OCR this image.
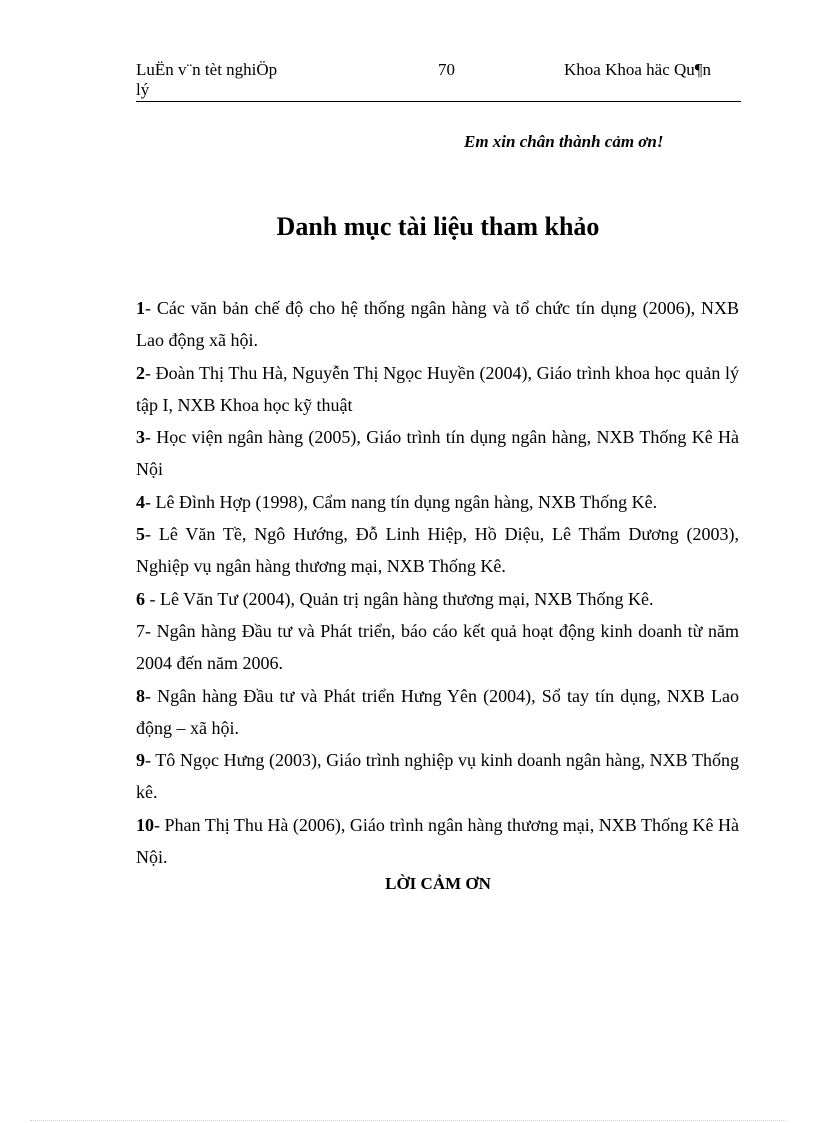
LuËn v¨n tèt nghiÖp
lý
70	Khoa Khoa häc Qu¶n
Em xin chân thành cảm ơn!
Danh mục tài liệu tham khảo
1- Các văn bản chế độ cho hệ thống ngân hàng và tổ chức tín dụng (2006), NXB Lao động xã hội.
2- Đoàn Thị Thu Hà, Nguyễn Thị Ngọc Huyền (2004), Giáo trình khoa học quản lý tập I, NXB Khoa học kỹ thuật
3- Học viện ngân hàng (2005), Giáo trình tín dụng ngân hàng, NXB Thống Kê Hà Nội
4- Lê Đình Hợp (1998), Cẩm nang tín dụng ngân hàng, NXB Thống Kê.
5- Lê Văn Tề, Ngô Hướng, Đỗ Linh Hiệp, Hồ Diệu, Lê Thẩm Dương (2003), Nghiệp vụ ngân hàng thương mại, NXB Thống Kê.
6 - Lê Văn Tư (2004), Quản trị ngân hàng thương mại, NXB Thống Kê.
7- Ngân hàng Đầu tư và Phát triển, báo cáo kết quả hoạt động kinh doanh từ năm 2004 đến năm 2006.
8- Ngân hàng Đầu tư và Phát triển Hưng Yên (2004), Sổ tay tín dụng, NXB Lao động – xã hội.
9- Tô Ngọc Hưng (2003), Giáo trình nghiệp vụ kinh doanh ngân hàng, NXB Thống kê.
10- Phan Thị Thu Hà (2006), Giáo trình ngân hàng thương mại, NXB Thống Kê Hà Nội.
LỜI CẢM ƠN
